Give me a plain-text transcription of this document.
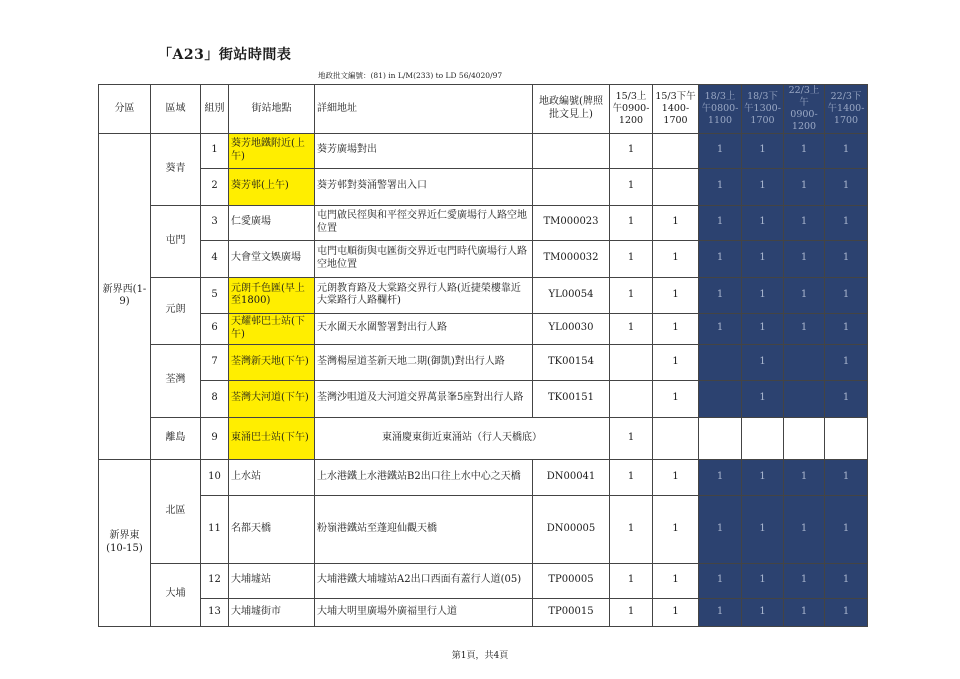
「A23」街站時間表
地政批文編號：(81) in L/M(233) to LD 56/4020/97
分區	區域	組別	街站地點	詳細地址	地政編號(牌照批文見上)	15/3上午0900-1200	15/3下午1400-1700	18/3上午0800-1100	18/3下午1300-1700	22/3上午0900-1200	22/3下午1400-1700
新界西(1-9)	葵青	1	葵芳地鐵附近(上午)	葵芳廣場對出		1		1	1	1	1
		2	葵芳邨(上午)	葵芳邨對葵涌警署出入口		1		1	1	1	1
	屯門	3	仁愛廣場	屯門啟民徑與和平徑交界近仁愛廣場行人路空地位置	TM000023	1	1	1	1	1	1
		4	大會堂文娛廣場	屯門屯順街與屯匯街交界近屯門時代廣場行人路空地位置	TM000032	1	1	1	1	1	1
	元朗	5	元朗千色匯(早上至1800)	元朗教育路及大棠路交界行人路(近捷榮樓靠近大棠路行人路欄杆)	YL00054	1	1	1	1	1	1
		6	天耀邨巴士站(下午)	天水圍天水圍警署對出行人路	YL00030	1	1	1	1	1	1
	荃灣	7	荃灣新天地(下午)	荃灣楊屋道荃新天地二期(御凱)對出行人路	TK00154		1		1		1
		8	荃灣大河道(下午)	荃灣沙咀道及大河道交界萬景峯5座對出行人路	TK00151		1		1		1
	離島	9	東涌巴士站(下午)	東涌慶東街近東涌站（行人天橋底）		1					
新界東(10-15)	北區	10	上水站	上水港鐵上水港鐵站B2出口往上水中心之天橋	DN00041	1	1	1	1	1	1
		11	名都天橋	粉嶺港鐵站至蓬迎仙觀天橋	DN00005	1	1	1	1	1	1
	大埔	12	大埔墟站	大埔港鐵大埔墟站A2出口西面有蓋行人道(05)	TP00005	1	1	1	1	1	1
		13	大埔墟街市	大埔大明里廣場外廣福里行人道	TP00015	1	1	1	1	1	1
第1頁，共4頁
